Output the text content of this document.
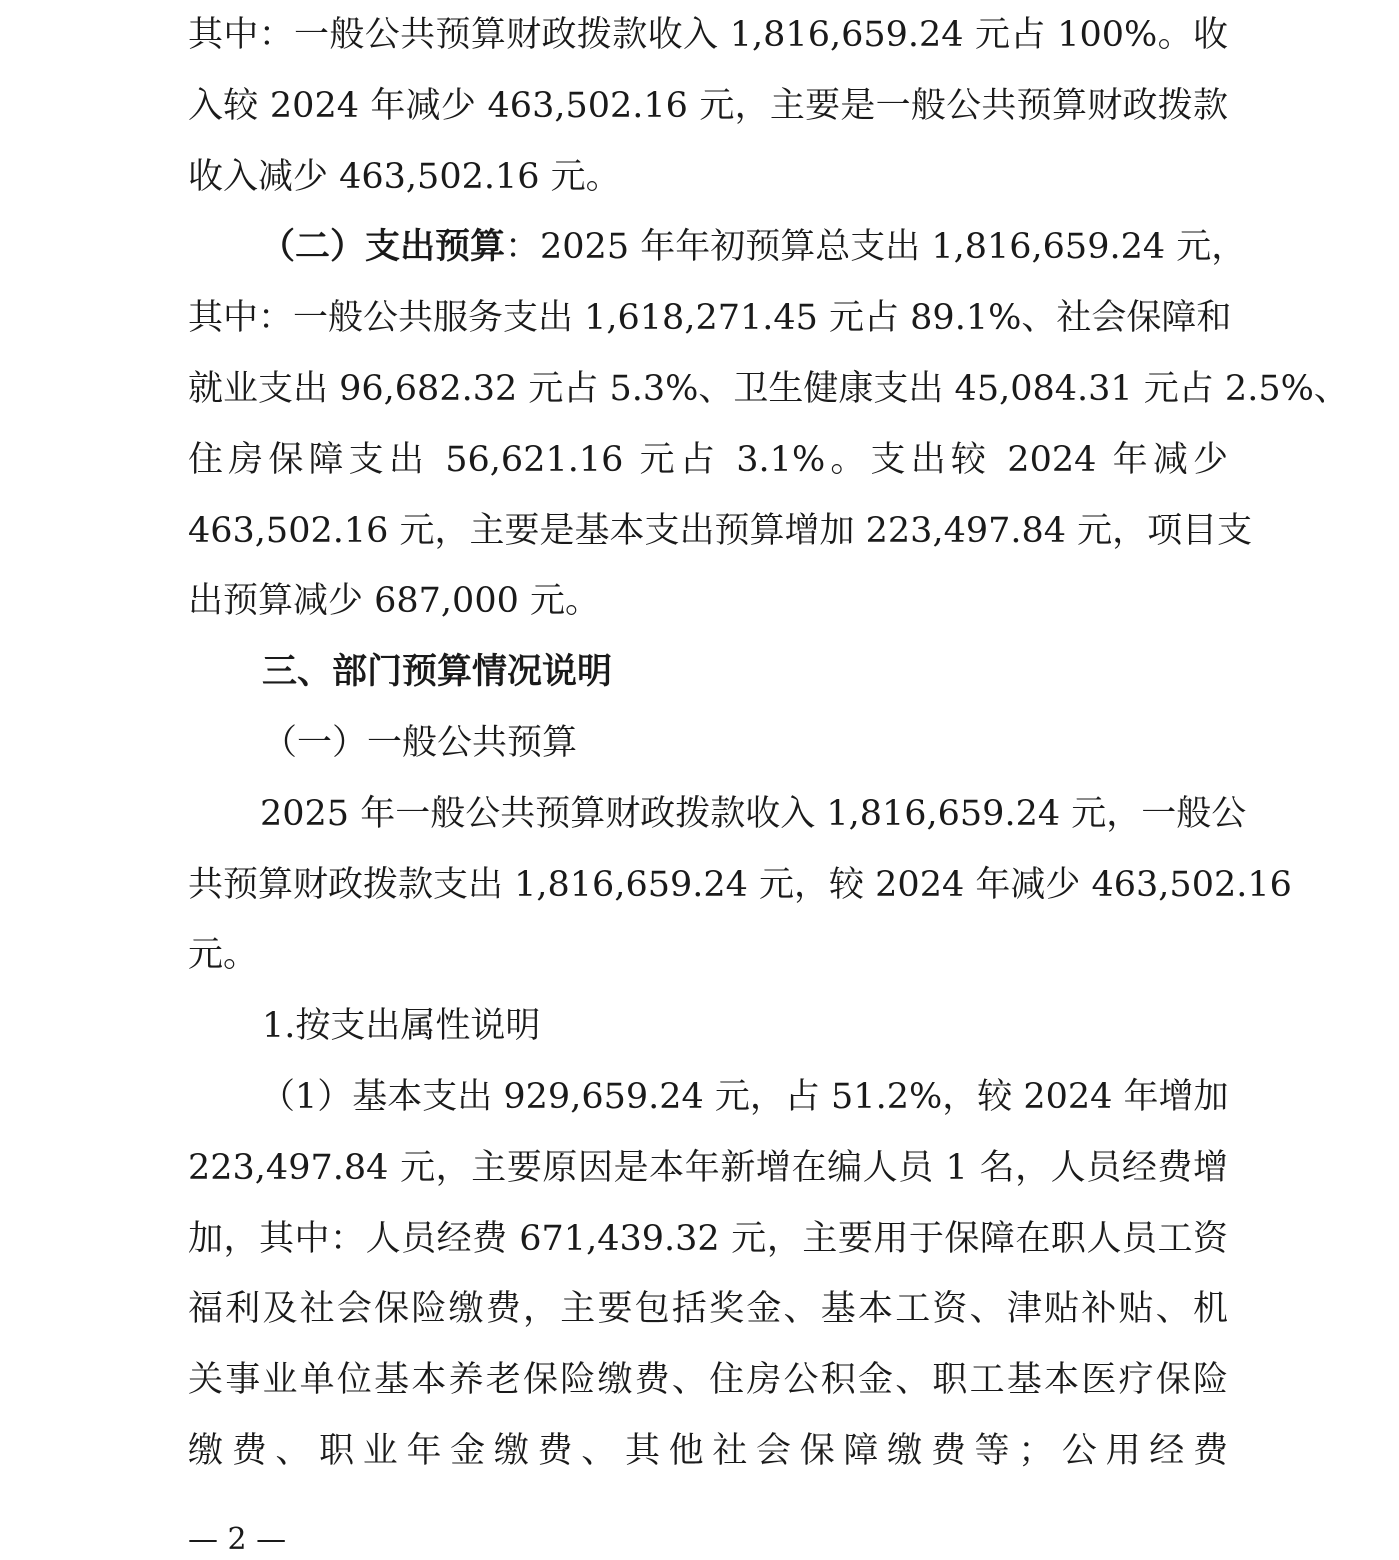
其中：一般公共预算财政拨款收入 1,816,659.24 元占 100%。收
入较 2024 年减少 463,502.16 元，主要是一般公共预算财政拨款
收入减少 463,502.16 元。
（二）支出预算：2025 年年初预算总支出 1,816,659.24 元，
其中：一般公共服务支出 1,618,271.45 元占 89.1%、社会保障和
就业支出 96,682.32 元占 5.3%、卫生健康支出 45,084.31 元占 2.5%、
住房保障支出 56,621.16 元占 3.1%。支出较 2024 年减少
463,502.16 元，主要是基本支出预算增加 223,497.84 元，项目支
出预算减少 687,000 元。
三、部门预算情况说明
（一）一般公共预算
2025 年一般公共预算财政拨款收入 1,816,659.24 元，一般公
共预算财政拨款支出 1,816,659.24 元，较 2024 年减少 463,502.16
元。
1.按支出属性说明
（1）基本支出 929,659.24 元，占 51.2%，较 2024 年增加
223,497.84 元，主要原因是本年新增在编人员 1 名，人员经费增
加，其中：人员经费 671,439.32 元，主要用于保障在职人员工资
福利及社会保险缴费，主要包括奖金、基本工资、津贴补贴、机
关事业单位基本养老保险缴费、住房公积金、职工基本医疗保险
缴费、职业年金缴费、其他社会保障缴费等；公用经费
— 2 —
